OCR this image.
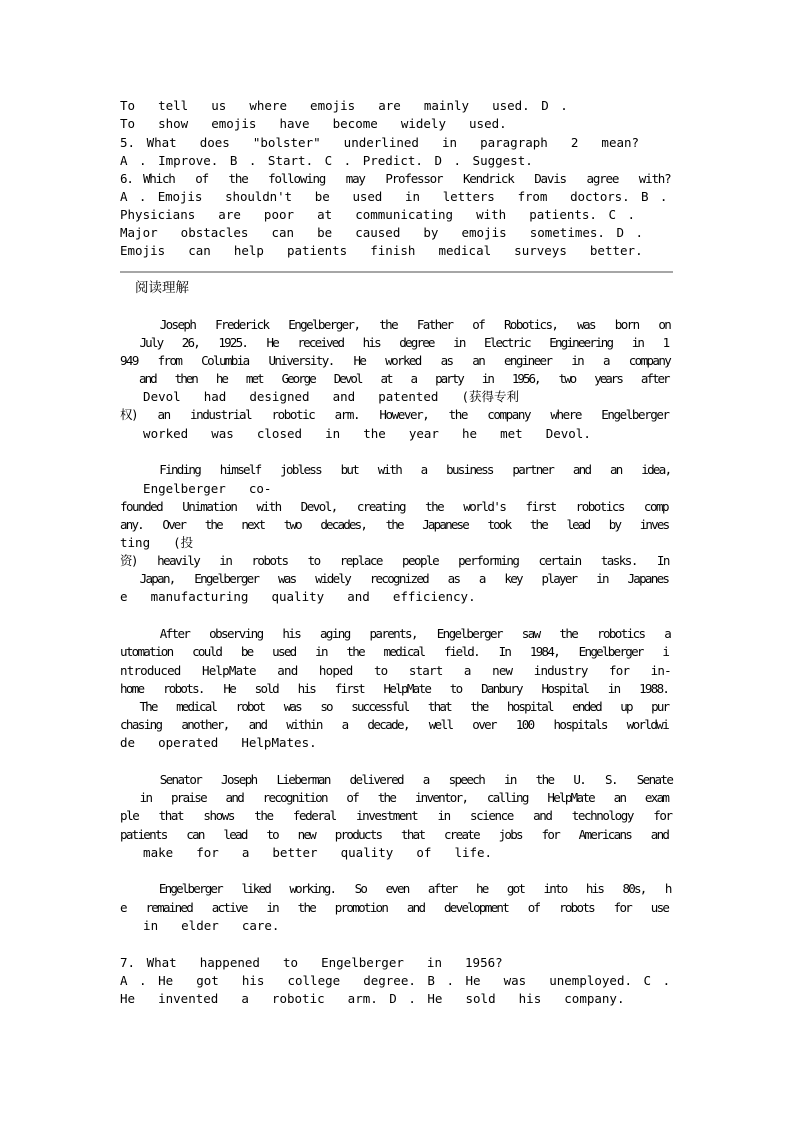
To  tell  us  where  emojis  are  mainly  used. D .
To  show  emojis  have  become  widely  used.
5. What  does  "bolster"  underlined  in  paragraph  2  mean?
A . Improve. B . Start. C . Predict. D . Suggest.
6. Which  of  the  following  may  Professor  Kendrick  Davis  agree  with?
A . Emojis  shouldn't  be  used  in  letters  from  doctors. B .
Physicians  are  poor  at  communicating  with  patients. C .
Major  obstacles  can  be  caused  by  emojis  sometimes. D .
Emojis  can  help  patients  finish  medical  surveys  better.
阅读理解
Joseph  Frederick  Engelberger,  the  Father  of  Robotics,  was  born  on
July  26,  1925.  He  received  his  degree  in  Electric  Engineering  in  1
949  from  Columbia  University.  He  worked  as  an  engineer  in  a  company
and  then  he  met  George  Devol  at  a  party  in  1956,  two  years  after
Devol  had  designed  and  patented  (获得专利
权)  an  industrial  robotic  arm.  However,  the  company  where  Engelberger
worked  was  closed  in  the  year  he  met  Devol.
Finding  himself  jobless  but  with  a  business  partner  and  an  idea,
Engelberger  co-
founded  Unimation  with  Devol,  creating  the  world's  first  robotics  comp
any.  Over  the  next  two  decades,  the  Japanese  took  the  lead  by  inves
ting  (投
资)  heavily  in  robots  to  replace  people  performing  certain  tasks.  In
Japan,  Engelberger  was  widely  recognized  as  a  key  player  in  Japanes
e  manufacturing  quality  and  efficiency.
After  observing  his  aging  parents,  Engelberger  saw  the  robotics  a
utomation  could  be  used  in  the  medical  field.  In  1984,  Engelberger  i
ntroduced  HelpMate  and  hoped  to  start  a  new  industry  for  in-
home  robots.  He  sold  his  first  HelpMate  to  Danbury  Hospital  in  1988.
The  medical  robot  was  so  successful  that  the  hospital  ended  up  pur
chasing  another,  and  within  a  decade,  well  over  100  hospitals  worldwi
de  operated  HelpMates.
Senator  Joseph  Lieberman  delivered  a  speech  in  the  U.  S.  Senate
in  praise  and  recognition  of  the  inventor,  calling  HelpMate  an  exam
ple  that  shows  the  federal  investment  in  science  and  technology  for
patients  can  lead  to  new  products  that  create  jobs  for  Americans  and
make  for  a  better  quality  of  life.
Engelberger  liked  working.  So  even  after  he  got  into  his  80s,  h
e  remained  active  in  the  promotion  and  development  of  robots  for  use
in  elder  care.
7. What  happened  to  Engelberger  in  1956?
A . He  got  his  college  degree. B . He  was  unemployed. C .
He  invented  a  robotic  arm. D . He  sold  his  company.
